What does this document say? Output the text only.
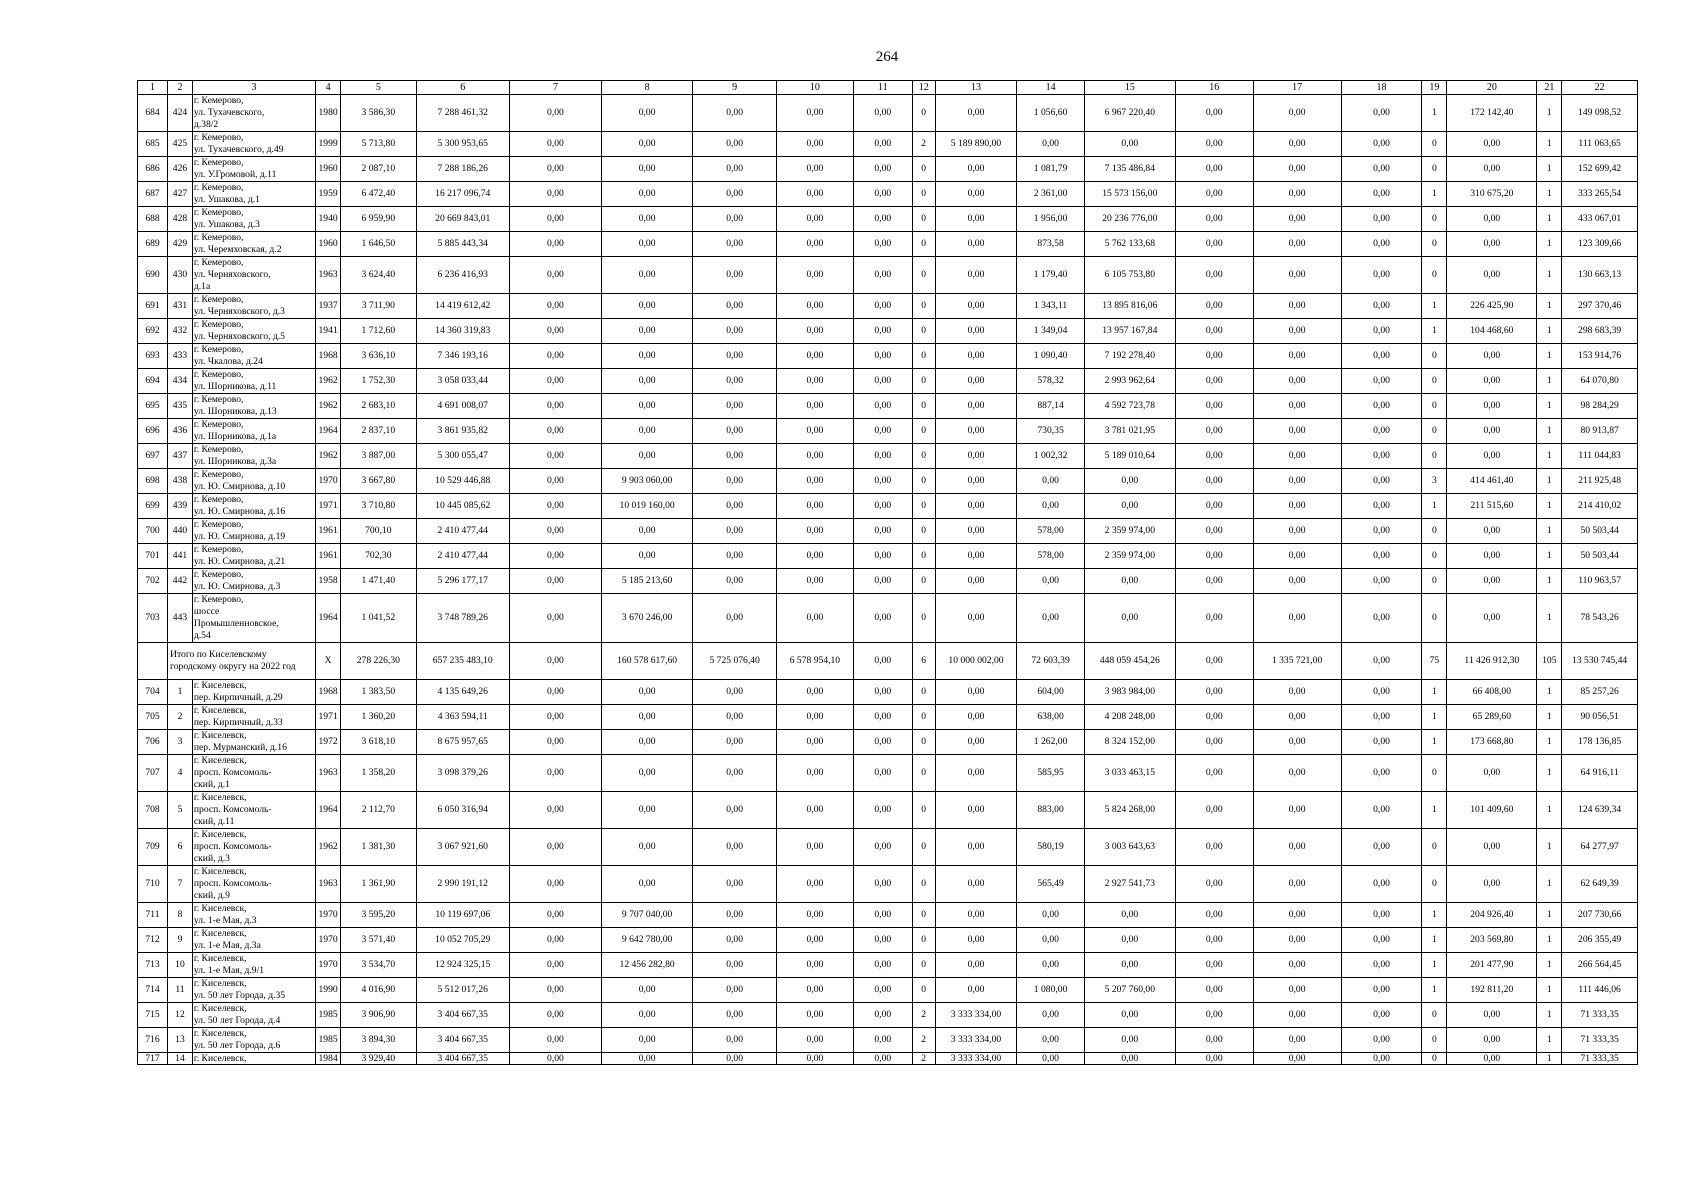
264
1	2	3	4	5	6	7	8	9	10	11	12	13	14	15	16	17	18	19	20	21	22
684	424	г. Кемерово,
ул. Тухачевского,
д.38/2	1980	3 586,30	7 288 461,32	0,00	0,00	0,00	0,00	0,00	0	0,00	1 056,60	6 967 220,40	0,00	0,00	0,00	1	172 142,40	1	149 098,52
685	425	г. Кемерово,
ул. Тухачевского, д.49	1999	5 713,80	5 300 953,65	0,00	0,00	0,00	0,00	0,00	2	5 189 890,00	0,00	0,00	0,00	0,00	0,00	0	0,00	1	111 063,65
686	426	г. Кемерово,
ул. У.Громовой, д.11	1960	2 087,10	7 288 186,26	0,00	0,00	0,00	0,00	0,00	0	0,00	1 081,79	7 135 486,84	0,00	0,00	0,00	0	0,00	1	152 699,42
687	427	г. Кемерово,
ул. Ушакова, д.1	1959	6 472,40	16 217 096,74	0,00	0,00	0,00	0,00	0,00	0	0,00	2 361,00	15 573 156,00	0,00	0,00	0,00	1	310 675,20	1	333 265,54
688	428	г. Кемерово,
ул. Ушакова, д.3	1940	6 959,90	20 669 843,01	0,00	0,00	0,00	0,00	0,00	0	0,00	1 956,00	20 236 776,00	0,00	0,00	0,00	0	0,00	1	433 067,01
689	429	г. Кемерово,
ул. Черемховская, д.2	1960	1 646,50	5 885 443,34	0,00	0,00	0,00	0,00	0,00	0	0,00	873,58	5 762 133,68	0,00	0,00	0,00	0	0,00	1	123 309,66
690	430	г. Кемерово,
ул. Черняховского,
д.1а	1963	3 624,40	6 236 416,93	0,00	0,00	0,00	0,00	0,00	0	0,00	1 179,40	6 105 753,80	0,00	0,00	0,00	0	0,00	1	130 663,13
691	431	г. Кемерово,
ул. Черняховского, д.3	1937	3 711,90	14 419 612,42	0,00	0,00	0,00	0,00	0,00	0	0,00	1 343,11	13 895 816,06	0,00	0,00	0,00	1	226 425,90	1	297 370,46
692	432	г. Кемерово,
ул. Черняховского, д.5	1941	1 712,60	14 360 319,83	0,00	0,00	0,00	0,00	0,00	0	0,00	1 349,04	13 957 167,84	0,00	0,00	0,00	1	104 468,60	1	298 683,39
693	433	г. Кемерово,
ул. Чкалова, д.24	1968	3 636,10	7 346 193,16	0,00	0,00	0,00	0,00	0,00	0	0,00	1 090,40	7 192 278,40	0,00	0,00	0,00	0	0,00	1	153 914,76
694	434	г. Кемерово,
ул. Шорникова, д.11	1962	1 752,30	3 058 033,44	0,00	0,00	0,00	0,00	0,00	0	0,00	578,32	2 993 962,64	0,00	0,00	0,00	0	0,00	1	64 070,80
695	435	г. Кемерово,
ул. Шорникова, д.13	1962	2 683,10	4 691 008,07	0,00	0,00	0,00	0,00	0,00	0	0,00	887,14	4 592 723,78	0,00	0,00	0,00	0	0,00	1	98 284,29
696	436	г. Кемерово,
ул. Шорникова, д.1а	1964	2 837,10	3 861 935,82	0,00	0,00	0,00	0,00	0,00	0	0,00	730,35	3 781 021,95	0,00	0,00	0,00	0	0,00	1	80 913,87
697	437	г. Кемерово,
ул. Шорникова, д.3а	1962	3 887,00	5 300 055,47	0,00	0,00	0,00	0,00	0,00	0	0,00	1 002,32	5 189 010,64	0,00	0,00	0,00	0	0,00	1	111 044,83
698	438	г. Кемерово,
ул. Ю. Смирнова, д.10	1970	3 667,80	10 529 446,88	0,00	9 903 060,00	0,00	0,00	0,00	0	0,00	0,00	0,00	0,00	0,00	0,00	3	414 461,40	1	211 925,48
699	439	г. Кемерово,
ул. Ю. Смирнова, д.16	1971	3 710,80	10 445 085,62	0,00	10 019 160,00	0,00	0,00	0,00	0	0,00	0,00	0,00	0,00	0,00	0,00	1	211 515,60	1	214 410,02
700	440	г. Кемерово,
ул. Ю. Смирнова, д.19	1961	700,10	2 410 477,44	0,00	0,00	0,00	0,00	0,00	0	0,00	578,00	2 359 974,00	0,00	0,00	0,00	0	0,00	1	50 503,44
701	441	г. Кемерово,
ул. Ю. Смирнова, д.21	1961	702,30	2 410 477,44	0,00	0,00	0,00	0,00	0,00	0	0,00	578,00	2 359 974,00	0,00	0,00	0,00	0	0,00	1	50 503,44
702	442	г. Кемерово,
ул. Ю. Смирнова, д.3	1958	1 471,40	5 296 177,17	0,00	5 185 213,60	0,00	0,00	0,00	0	0,00	0,00	0,00	0,00	0,00	0,00	0	0,00	1	110 963,57
703	443	г. Кемерово,
шоссе
Промышленновское,
д.54	1964	1 041,52	3 748 789,26	0,00	3 670 246,00	0,00	0,00	0,00	0	0,00	0,00	0,00	0,00	0,00	0,00	0	0,00	1	78 543,26
	Итого по Киселевскому городскому округу на 2022 год		X	278 226,30	657 235 483,10	0,00	160 578 617,60	5 725 076,40	6 578 954,10	0,00	6	10 000 002,00	72 603,39	448 059 454,26	0,00	1 335 721,00	0,00	75	11 426 912,30	105	13 530 745,44
704	1	г. Киселевск,
пер. Кирпичный, д.29	1968	1 383,50	4 135 649,26	0,00	0,00	0,00	0,00	0,00	0	0,00	604,00	3 983 984,00	0,00	0,00	0,00	1	66 408,00	1	85 257,26
705	2	г. Киселевск,
пер. Кирпичный, д.33	1971	1 360,20	4 363 594,11	0,00	0,00	0,00	0,00	0,00	0	0,00	638,00	4 208 248,00	0,00	0,00	0,00	1	65 289,60	1	90 056,51
706	3	г. Киселевск,
пер. Мурманский, д.16	1972	3 618,10	8 675 957,65	0,00	0,00	0,00	0,00	0,00	0	0,00	1 262,00	8 324 152,00	0,00	0,00	0,00	1	173 668,80	1	178 136,85
707	4	г. Киселевск,
просп. Комсомоль-
ский, д.1	1963	1 358,20	3 098 379,26	0,00	0,00	0,00	0,00	0,00	0	0,00	585,95	3 033 463,15	0,00	0,00	0,00	0	0,00	1	64 916,11
708	5	г. Киселевск,
просп. Комсомоль-
ский, д.11	1964	2 112,70	6 050 316,94	0,00	0,00	0,00	0,00	0,00	0	0,00	883,00	5 824 268,00	0,00	0,00	0,00	1	101 409,60	1	124 639,34
709	6	г. Киселевск,
просп. Комсомоль-
ский, д.3	1962	1 381,30	3 067 921,60	0,00	0,00	0,00	0,00	0,00	0	0,00	580,19	3 003 643,63	0,00	0,00	0,00	0	0,00	1	64 277,97
710	7	г. Киселевск,
просп. Комсомоль-
ский, д.9	1963	1 361,90	2 990 191,12	0,00	0,00	0,00	0,00	0,00	0	0,00	565,49	2 927 541,73	0,00	0,00	0,00	0	0,00	1	62 649,39
711	8	г. Киселевск,
ул. 1-е Мая, д.3	1970	3 595,20	10 119 697,06	0,00	9 707 040,00	0,00	0,00	0,00	0	0,00	0,00	0,00	0,00	0,00	0,00	1	204 926,40	1	207 730,66
712	9	г. Киселевск,
ул. 1-е Мая, д.3а	1970	3 571,40	10 052 705,29	0,00	9 642 780,00	0,00	0,00	0,00	0	0,00	0,00	0,00	0,00	0,00	0,00	1	203 569,80	1	206 355,49
713	10	г. Киселевск,
ул. 1-е Мая, д.9/1	1970	3 534,70	12 924 325,15	0,00	12 456 282,80	0,00	0,00	0,00	0	0,00	0,00	0,00	0,00	0,00	0,00	1	201 477,90	1	266 564,45
714	11	г. Киселевск,
ул. 50 лет Города, д.35	1990	4 016,90	5 512 017,26	0,00	0,00	0,00	0,00	0,00	0	0,00	1 080,00	5 207 760,00	0,00	0,00	0,00	1	192 811,20	1	111 446,06
715	12	г. Киселевск,
ул. 50 лет Города, д.4	1985	3 906,90	3 404 667,35	0,00	0,00	0,00	0,00	0,00	2	3 333 334,00	0,00	0,00	0,00	0,00	0,00	0	0,00	1	71 333,35
716	13	г. Киселевск,
ул. 50 лет Города, д.6	1985	3 894,30	3 404 667,35	0,00	0,00	0,00	0,00	0,00	2	3 333 334,00	0,00	0,00	0,00	0,00	0,00	0	0,00	1	71 333,35
717	14	г. Киселевск,	1984	3 929,40	3 404 667,35	0,00	0,00	0,00	0,00	0,00	2	3 333 334,00	0,00	0,00	0,00	0,00	0,00	0	0,00	1	71 333,35
